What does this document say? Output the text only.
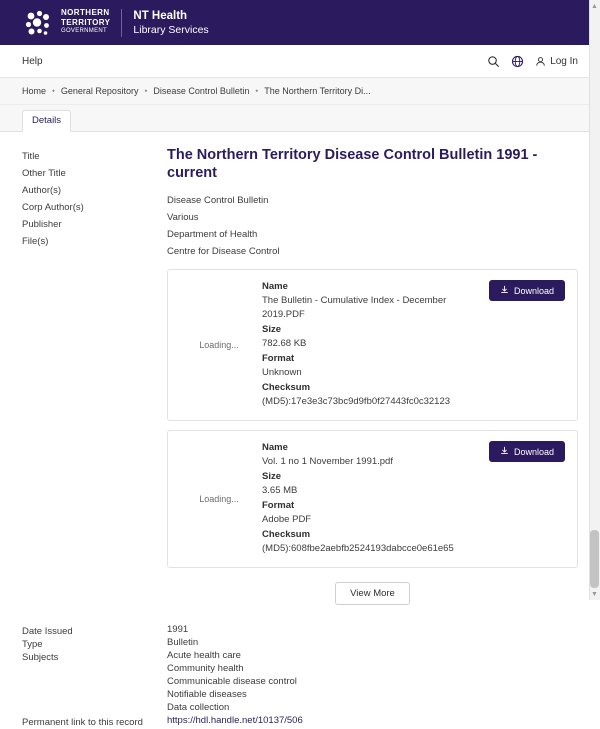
NORTHERN
TERRITORY
GOVERNMENT
NT Health
Library Services
Help	Log In
Home ⬩ General Repository ⬩ Disease Control Bulletin ⬩ The Northern Territory Di...
Details
Title
Other Title
Author(s)
Corp Author(s)
Publisher
File(s)
The Northern Territory Disease Control Bulletin 1991 - current
Disease Control Bulletin
Various
Department of Health
Centre for Disease Control
Loading...
Name
The Bulletin - Cumulative Index - December 2019.PDF
Size
782.68 KB
Format
Unknown
Checksum
(MD5):17e3e3c73bc9d9fb0f27443fc0c32123
Download
Loading...
Name
Vol. 1 no 1 November 1991.pdf
Size
3.65 MB
Format
Adobe PDF
Checksum
(MD5):608fbe2aebfb2524193dabcce0e61e65
Download
View More
Date Issued
Type
Subjects
Permanent link to this record
1991
Bulletin
Acute health care
Community health
Communicable disease control
Notifiable diseases
Data collection
https://hdl.handle.net/10137/506
▲
▼
